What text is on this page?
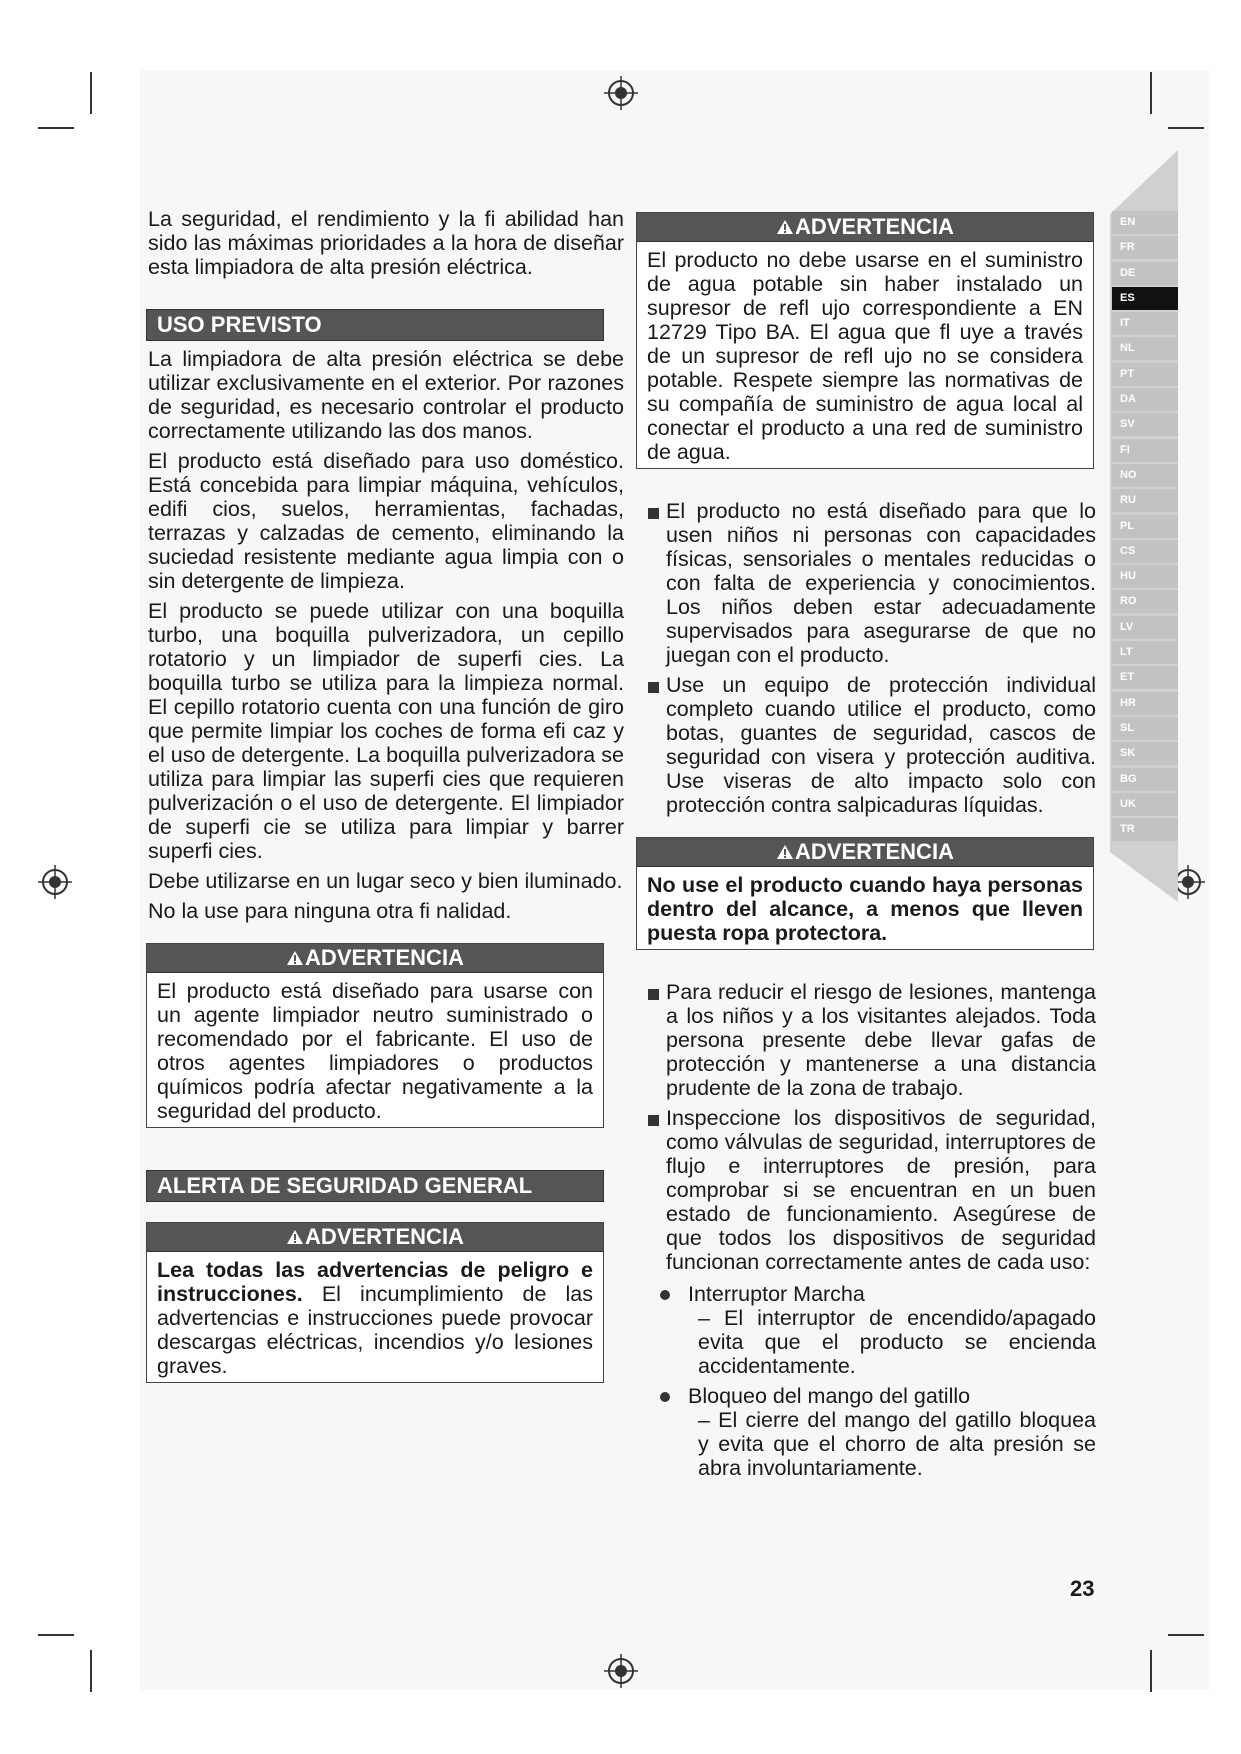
La seguridad, el rendimiento y la fi abilidad han sido las máximas prioridades a la hora de diseñar esta limpiadora de alta presión eléctrica.

USO PREVISTO

La limpiadora de alta presión eléctrica se debe utilizar exclusivamente en el exterior. Por razones de seguridad, es necesario controlar el producto correctamente utilizando las dos manos.

El producto está diseñado para uso doméstico. Está concebida para limpiar máquina, vehículos, edifi cios, suelos, herramientas, fachadas, terrazas y calzadas de cemento, eliminando la suciedad resistente mediante agua limpia con o sin detergente de limpieza.

El producto se puede utilizar con una boquilla turbo, una boquilla pulverizadora, un cepillo rotatorio y un limpiador de superfi cies. La boquilla turbo se utiliza para la limpieza normal. El cepillo rotatorio cuenta con una función de giro que permite limpiar los coches de forma efi caz y el uso de detergente. La boquilla pulverizadora se utiliza para limpiar las superfi cies que requieren pulverización o el uso de detergente. El limpiador de superfi cie se utiliza para limpiar y barrer superfi cies.

Debe utilizarse en un lugar seco y bien iluminado.

No la use para ninguna otra fi nalidad.

ADVERTENCIA

El producto está diseñado para usarse con un agente limpiador neutro suministrado o recomendado por el fabricante. El uso de otros agentes limpiadores o productos químicos podría afectar negativamente a la seguridad del producto.

ALERTA DE SEGURIDAD GENERAL
ADVERTENCIA

Lea todas las advertencias de peligro e instrucciones. El incumplimiento de las advertencias e instrucciones puede provocar descargas eléctricas, incendios y/o lesiones graves.

ADVERTENCIA

El producto no debe usarse en el suministro de agua potable sin haber instalado un supresor de refl ujo correspondiente a EN 12729 Tipo BA. El agua que fl uye a través de un supresor de refl ujo no se considera potable. Respete siempre las normativas de su compañía de suministro de agua local al conectar el producto a una red de suministro de agua.

El producto no está diseñado para que lo usen niños ni personas con capacidades físicas, sensoriales o mentales reducidas o con falta de experiencia y conocimientos. Los niños deben estar adecuadamente supervisados para asegurarse de que no juegan con el producto.
Use un equipo de protección individual completo cuando utilice el producto, como botas, guantes de seguridad, cascos de seguridad con visera y protección auditiva. Use viseras de alto impacto solo con protección contra salpicaduras líquidas.
ADVERTENCIA

No use el producto cuando haya personas dentro del alcance, a menos que lleven puesta ropa protectora.

Para reducir el riesgo de lesiones, mantenga a los niños y a los visitantes alejados. Toda persona presente debe llevar gafas de protección y mantenerse a una distancia prudente de la zona de trabajo.
Inspeccione los dispositivos de seguridad, como válvulas de seguridad, interruptores de flujo e interruptores de presión, para comprobar si se encuentran en un buen estado de funcionamiento. Asegúrese de que todos los dispositivos de seguridad funcionan correctamente antes de cada uso:
Interruptor Marcha
– El interruptor de encendido/apagado evita que el producto se encienda accidentamente.
Bloqueo del mango del gatillo
– El cierre del mango del gatillo bloquea y evita que el chorro de alta presión se abra involuntariamente.
EN
FR
DE
ES
IT
NL
PT
DA
SV
FI
NO
RU
PL
CS
HU
RO
LV
LT
ET
HR
SL
SK
BG
UK
TR
23
